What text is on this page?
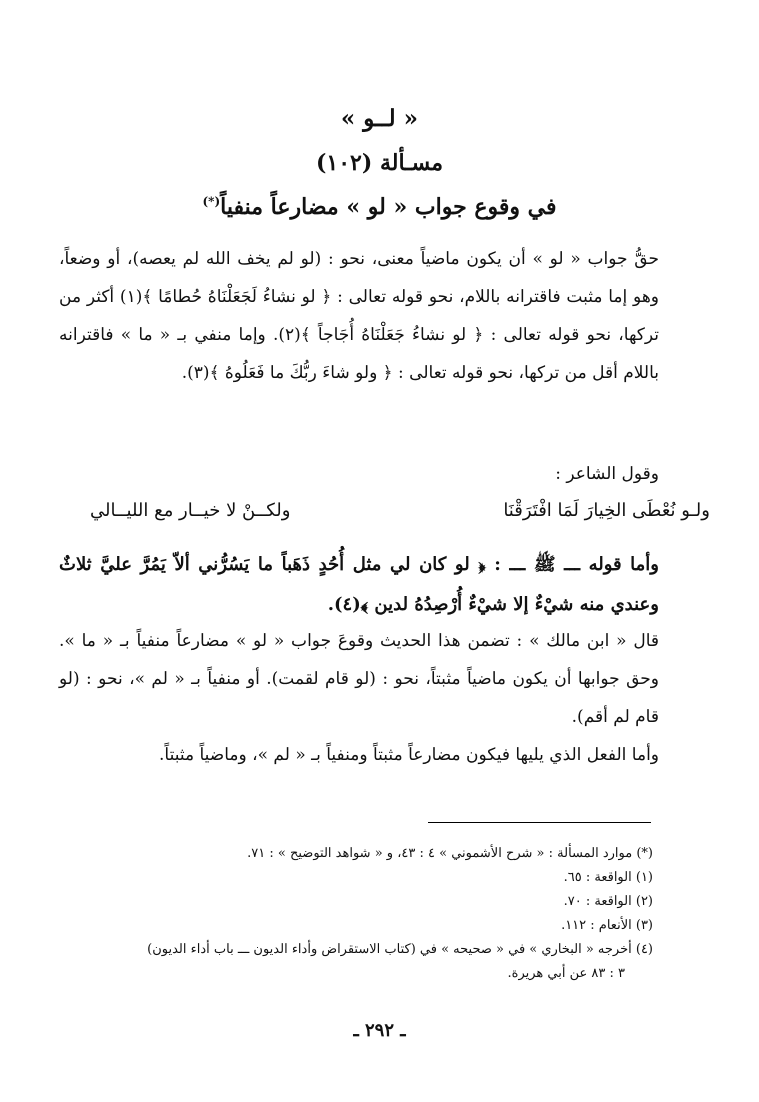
« لــو »
مسـألة (١٠٢)
في وقوع جواب « لو » مضارعاً منفياً(*)
حقُّ جواب « لو » أن يكون ماضياً معنى، نحو : (لو لم يخف الله لم يعصه)، أو وضعاً، وهو إما مثبت فاقترانه باللام، نحو قوله تعالى : ﴿ لو نشاءُ لَجَعَلْنَاهُ حُطامًا ﴾(١) أكثر من تركها، نحو قوله تعالى : ﴿ لو نشاءُ جَعَلْنَاهُ أُجَاجاً ﴾(٢). وإما منفي بـ « ما » فاقترانه باللام أقل من تركها، نحو قوله تعالى : ﴿ ولو شاءَ ربُّكَ ما فَعَلُوهُ ﴾(٣).
وقول الشاعر :
ولـو نُعْطَى الخِيارَ لَمَا افْتَرَقْنَا
ولكــنْ لا خيــار مع الليــالي
وأما قوله ـــ ﷺ ـــ : ﴿ لو كان لي مثل أُحُدٍ ذَهَباً ما يَسُرُّني ألاّ يَمُرَّ عليَّ ثلاثٌ وعندي منه شيْءٌ إلا شيْءٌ أُرْصِدُهُ لدين ﴾(٤).
قال « ابن مالك » : تضمن هذا الحديث وقوعَ جواب « لو » مضارعاً منفياً بـ « ما ». وحق جوابها أن يكون ماضياً مثبتاً، نحو : (لو قام لقمت). أو منفياً بـ « لم »، نحو : (لو قام لم أقم).
وأما الفعل الذي يليها فيكون مضارعاً مثبتاً ومنفياً بـ « لم »، وماضياً مثبتاً.
(*) موارد المسألة : « شرح الأشموني » ٤ : ٤٣، و « شواهد التوضيح » : ٧١.
(١) الواقعة : ٦٥.
(٢) الواقعة : ٧٠.
(٣) الأنعام : ١١٢.
(٤) أخرجه « البخاري » في « صحيحه » في (كتاب الاستقراض وأداء الديون ـــ باب أداء الديون)
٣ : ٨٣ عن أبي هريرة.
ـ ٢٩٢ ـ
